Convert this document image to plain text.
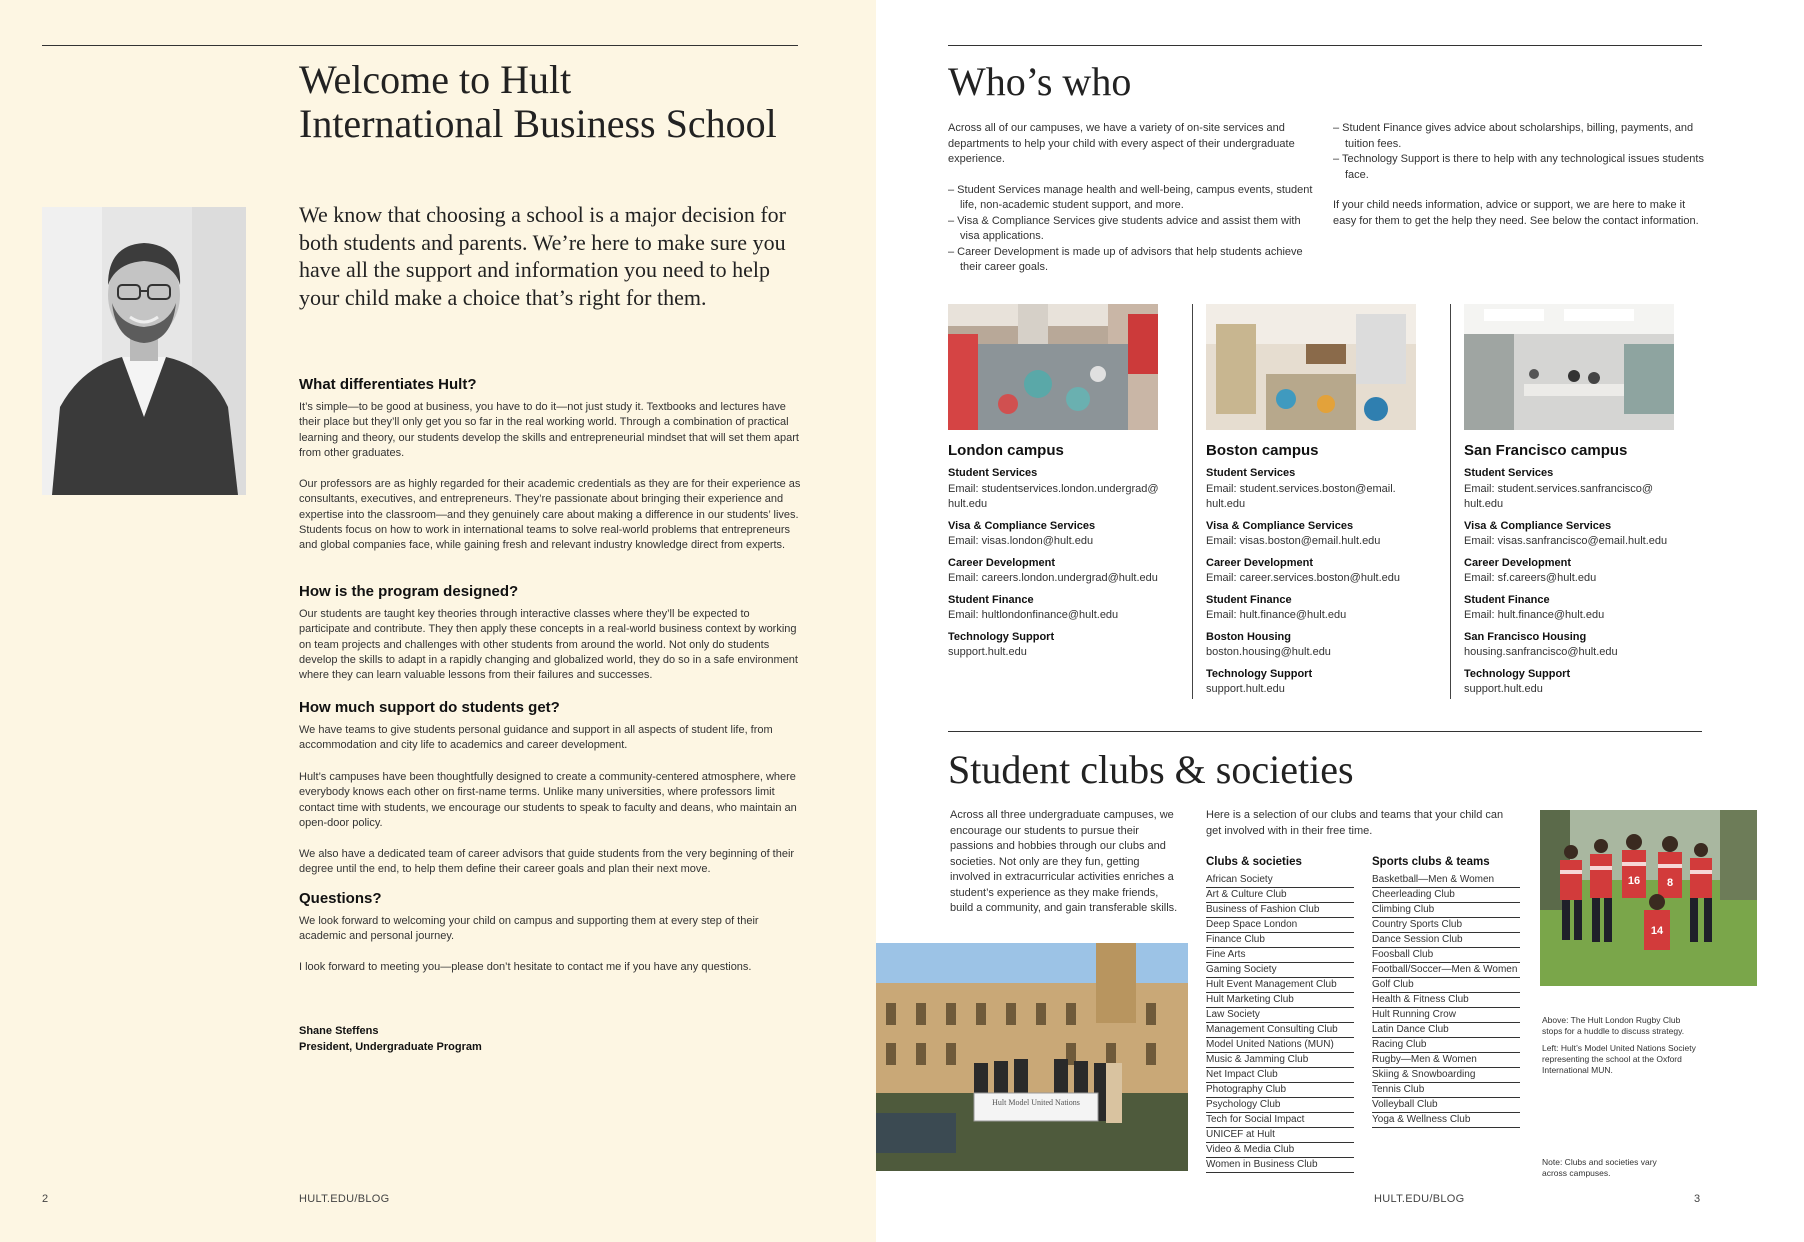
Welcome to Hult
International Business School

We know that choosing a school is a major decision for both students and parents. We’re here to make sure you have all the support and information you need to help your child make a choice that’s right for them.

What differentiates Hult?

It’s simple—to be good at business, you have to do it—not just study it. Textbooks and lectures have their place but they’ll only get you so far in the real working world. Through a combination of practical learning and theory, our students develop the skills and entrepreneurial mindset that will set them apart from other graduates.

Our professors are as highly regarded for their academic credentials as they are for their experience as consultants, executives, and entrepreneurs. They’re passionate about bringing their experience and expertise into the classroom—and they genuinely care about making a difference in our students’ lives. Students focus on how to work in international teams to solve real-world problems that entrepreneurs and global companies face, while gaining fresh and relevant industry knowledge direct from experts.

How is the program designed?

Our students are taught key theories through interactive classes where they’ll be expected to participate and contribute. They then apply these concepts in a real-world business context by working on team projects and challenges with other students from around the world. Not only do students develop the skills to adapt in a rapidly changing and globalized world, they do so in a safe environment where they can learn valuable lessons from their failures and successes.

How much support do students get?

We have teams to give students personal guidance and support in all aspects of student life, from accommodation and city life to academics and career development.

Hult’s campuses have been thoughtfully designed to create a community-centered atmosphere, where everybody knows each other on first-name terms. Unlike many universities, where professors limit contact time with students, we encourage our students to speak to faculty and deans, who maintain an open-door policy.

We also have a dedicated team of career advisors that guide students from the very beginning of their degree until the end, to help them define their career goals and plan their next move.

Questions?

We look forward to welcoming your child on campus and supporting them at every step of their academic and personal journey.

I look forward to meeting you—please don’t hesitate to contact me if you have any questions.

Shane Steffens
President, Undergraduate Program
2	HULT.EDU/BLOG
Who’s who

Across all of our campuses, we have a variety of on-site services and departments to help your child with every aspect of their undergraduate experience.

– Student Services manage health and well-being, campus events, student life, non-academic student support, and more.

– Visa & Compliance Services give students advice and assist them with visa applications.

– Career Development is made up of advisors that help students achieve their career goals.

– Student Finance gives advice about scholarships, billing, payments, and tuition fees.

– Technology Support is there to help with any technological issues students face.

If your child needs information, advice or support, we are here to make it easy for them to get the help they need. See below the contact information.

London campus
Student Services
Email: studentservices.london.undergrad@
hult.edu
Visa & Compliance Services
Email: visas.london@hult.edu
Career Development
Email: careers.london.undergrad@hult.edu
Student Finance
Email: hultlondonfinance@hult.edu
Technology Support
support.hult.edu
Boston campus
Student Services
Email: student.services.boston@email.
hult.edu
Visa & Compliance Services
Email: visas.boston@email.hult.edu
Career Development
Email: career.services.boston@hult.edu
Student Finance
Email: hult.finance@hult.edu
Boston Housing
boston.housing@hult.edu
Technology Support
support.hult.edu
San Francisco campus
Student Services
Email: student.services.sanfrancisco@
hult.edu
Visa & Compliance Services
Email: visas.sanfrancisco@email.hult.edu
Career Development
Email: sf.careers@hult.edu
Student Finance
Email: hult.finance@hult.edu
San Francisco Housing
housing.sanfrancisco@hult.edu
Technology Support
support.hult.edu
Student clubs & societies

Across all three undergraduate campuses, we encourage our students to pursue their passions and hobbies through our clubs and societies. Not only are they fun, getting involved in extracurricular activities enriches a student’s experience as they make friends, build a community, and gain transferable skills.

Hult Model United Nations

Here is a selection of our clubs and teams that your child can get involved with in their free time.

Clubs & societies
African Society
Art & Culture Club
Business of Fashion Club
Deep Space London
Finance Club
Fine Arts
Gaming Society
Hult Event Management Club
Hult Marketing Club
Law Society
Management Consulting Club
Model United Nations (MUN)
Music & Jamming Club
Net Impact Club
Photography Club
Psychology Club
Tech for Social Impact
UNICEF at Hult
Video & Media Club
Women in Business Club
Sports clubs & teams
Basketball—Men & Women
Cheerleading Club
Climbing Club
Country Sports Club
Dance Session Club
Foosball Club
Football/Soccer—Men & Women
Golf Club
Health & Fitness Club
Hult Running Crow
Latin Dance Club
Racing Club
Rugby—Men & Women
Skiing & Snowboarding
Tennis Club
Volleyball Club
Yoga & Wellness Club
16 8
14

Above: The Hult London Rugby Club stops for a huddle to discuss strategy.

Left: Hult’s Model United Nations Society representing the school at the Oxford International MUN.

Note: Clubs and societies vary across campuses.

HULT.EDU/BLOG	3
